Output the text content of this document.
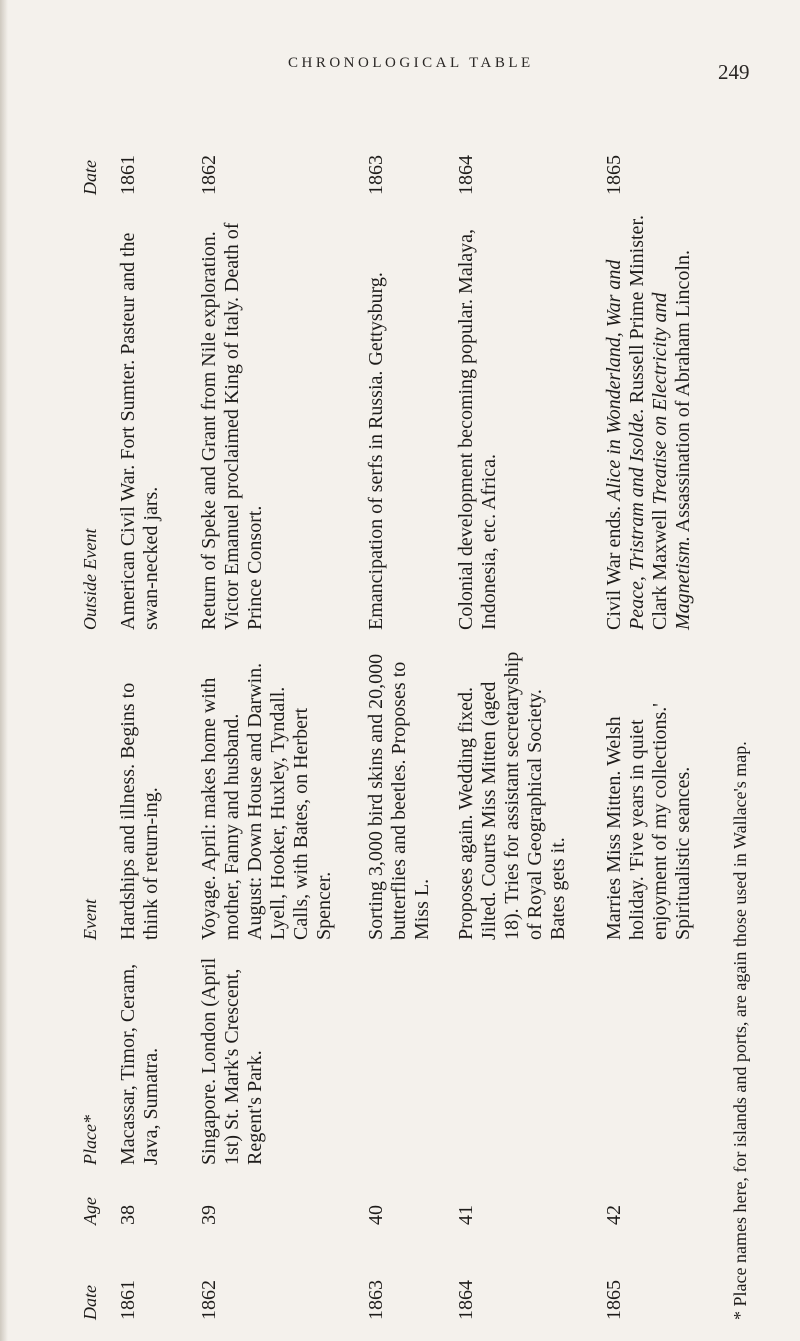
CHRONOLOGICAL TABLE	249
Date
Age
Place*
Event
Outside Event
Date
1861
38
Macassar, Timor, Ceram, Java, Sumatra.
Hardships and illness. Begins to think of return-ing.
American Civil War. Fort Sumter. Pasteur and the swan-necked jars.
1861
1862
39
Singapore. London (April 1st) St. Mark's Crescent, Regent's Park.
Voyage. April: makes home with mother, Fanny and husband. August: Down House and Darwin. Lyell, Hooker, Huxley, Tyndall. Calls, with Bates, on Herbert Spencer.
Return of Speke and Grant from Nile exploration. Victor Emanuel proclaimed King of Italy. Death of Prince Consort.
1862
1863
40
Sorting 3,000 bird skins and 20,000 butterflies and beetles. Proposes to Miss L.
Emancipation of serfs in Russia. Gettysburg.
1863
1864
41
Proposes again. Wedding fixed. Jilted. Courts Miss Mitten (aged 18). Tries for assistant secretaryship of Royal Geographical Society. Bates gets it.
Colonial development becoming popular. Malaya, Indonesia, etc. Africa.
1864
1865
42
Marries Miss Mitten. Welsh holiday. 'Five years in quiet enjoyment of my collections.' Spiritualistic seances.
Civil War ends. Alice in Wonderland, War and Peace, Tristram and Isolde. Russell Prime Minister. Clark Maxwell Treatise on Electricity and Magnetism. Assassination of Abraham Lincoln.
1865
* Place names here, for islands and ports, are again those used in Wallace's map.
